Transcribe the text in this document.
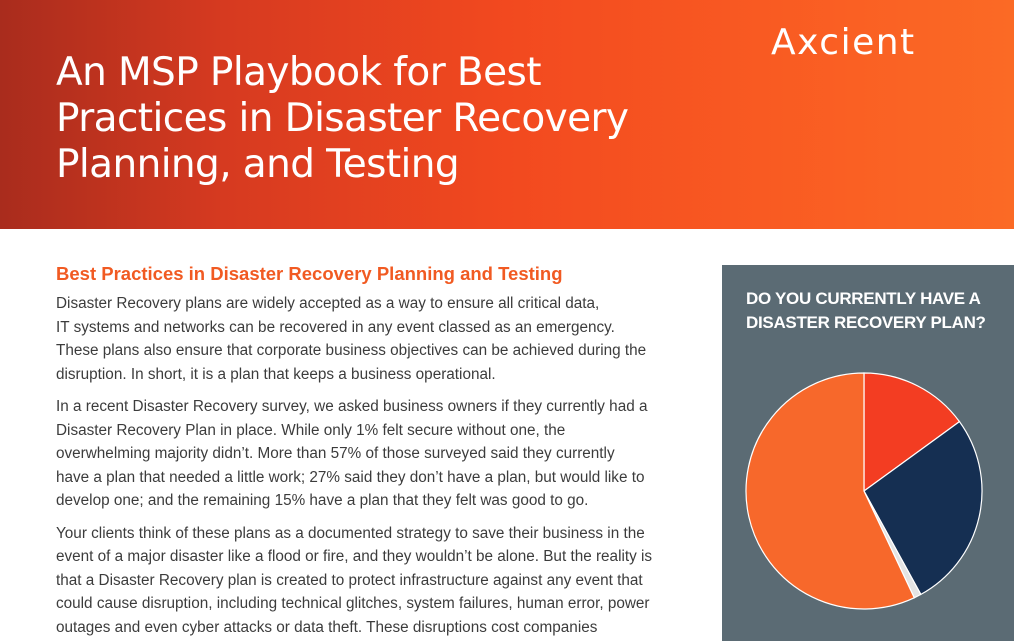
An MSP Playbook for Best
Practices in Disaster Recovery
Planning, and Testing
Axcient
Best Practices in Disaster Recovery Planning and Testing
Disaster Recovery plans are widely accepted as a way to ensure all critical data,
IT systems and networks can be recovered in any event classed as an emergency.
These plans also ensure that corporate business objectives can be achieved during the
disruption. In short, it is a plan that keeps a business operational.
In a recent Disaster Recovery survey, we asked business owners if they currently had a
Disaster Recovery Plan in place. While only 1% felt secure without one, the
overwhelming majority didn’t. More than 57% of those surveyed said they currently
have a plan that needed a little work; 27% said they don’t have a plan, but would like to
develop one; and the remaining 15% have a plan that they felt was good to go.
Your clients think of these plans as a documented strategy to save their business in the
event of a major disaster like a flood or fire, and they wouldn’t be alone. But the reality is
that a Disaster Recovery plan is created to protect infrastructure against any event that
could cause disruption, including technical glitches, system failures, human error, power
outages and even cyber attacks or data theft. These disruptions cost companies
DO YOU CURRENTLY HAVE A
DISASTER RECOVERY PLAN?
